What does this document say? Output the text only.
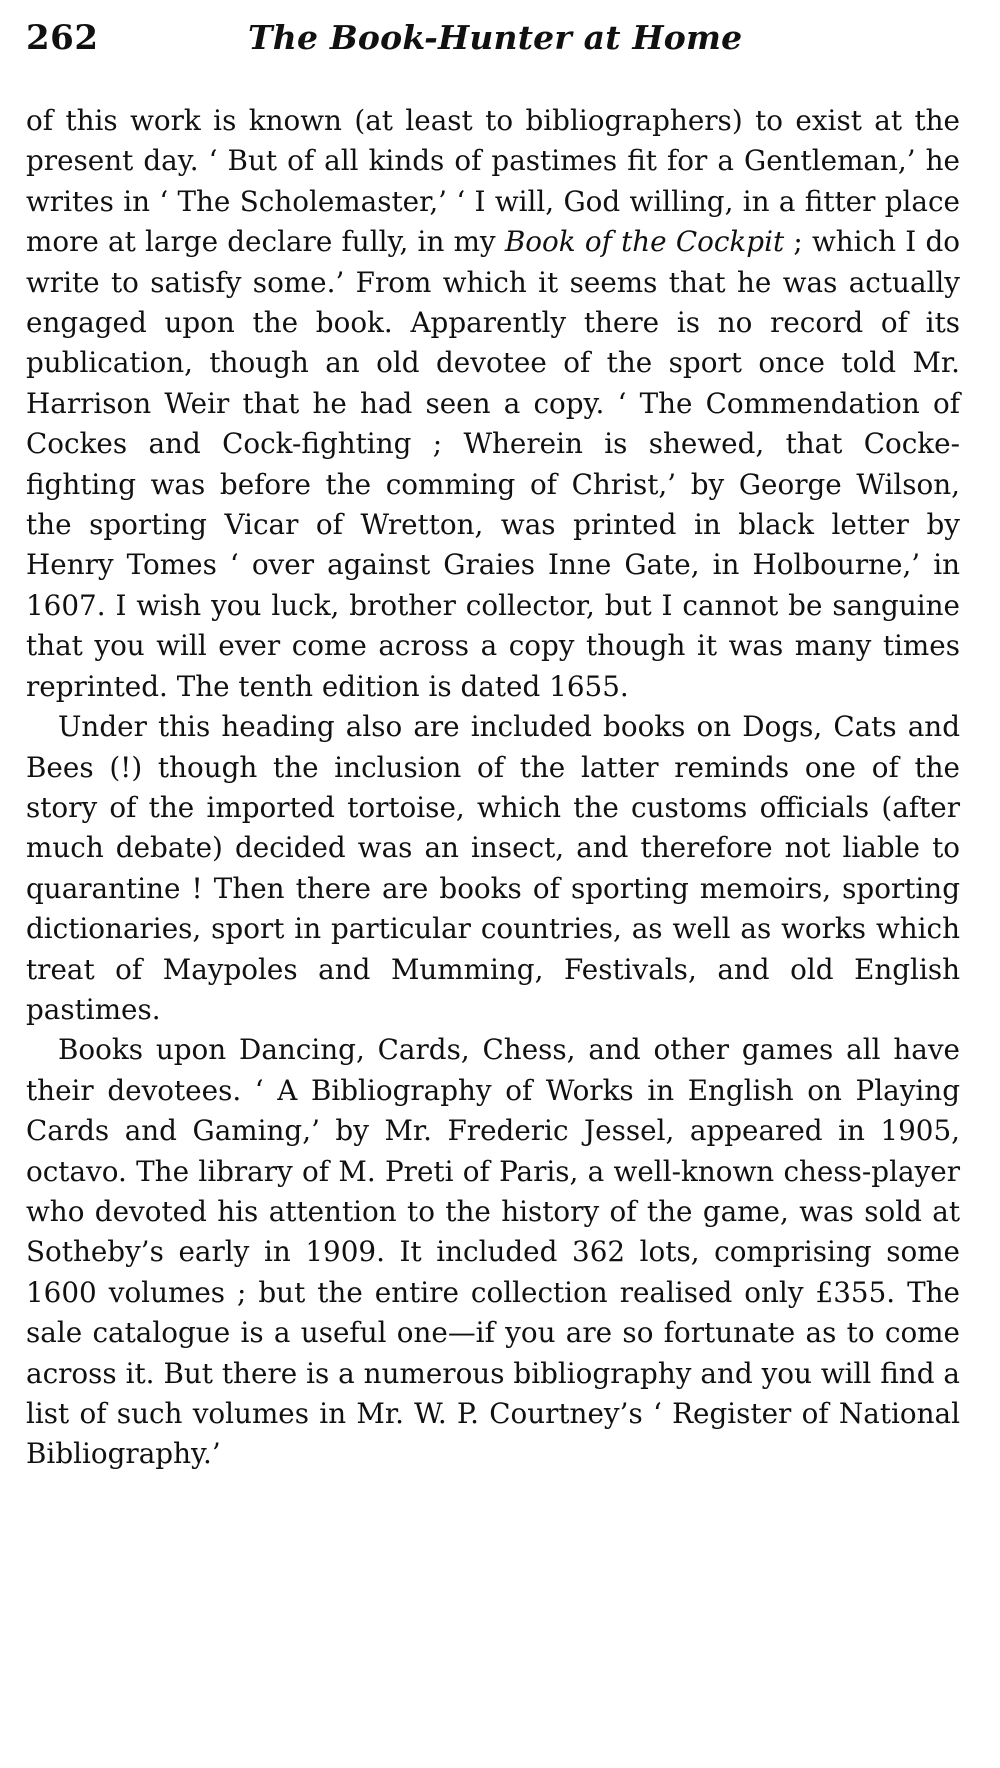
262	The Book-Hunter at Home

of this work is known (at least to bibliographers) to exist at the present day. ‘ But of all kinds of pastimes fit for a Gentleman,’ he writes in ‘ The Scholemaster,’ ‘ I will, God willing, in a fitter place more at large declare fully, in my Book of the Cockpit ; which I do write to satisfy some.’ From which it seems that he was actually engaged upon the book. Apparently there is no record of its publication, though an old devotee of the sport once told Mr. Harrison Weir that he had seen a copy. ‘ The Commendation of Cockes and Cock-fighting ; Wherein is shewed, that Cocke-fighting was before the comming of Christ,’ by George Wilson, the sporting Vicar of Wretton, was printed in black letter by Henry Tomes ‘ over against Graies Inne Gate, in Holbourne,’ in 1607. I wish you luck, brother collector, but I cannot be sanguine that you will ever come across a copy though it was many times reprinted. The tenth edition is dated 1655.

Under this heading also are included books on Dogs, Cats and Bees (!) though the inclusion of the latter reminds one of the story of the imported tortoise, which the customs officials (after much debate) decided was an insect, and therefore not liable to quarantine ! Then there are books of sporting memoirs, sporting dictionaries, sport in particular countries, as well as works which treat of Maypoles and Mumming, Festivals, and old English pastimes.

Books upon Dancing, Cards, Chess, and other games all have their devotees. ‘ A Bibliography of Works in English on Playing Cards and Gaming,’ by Mr. Frederic Jessel, appeared in 1905, octavo. The library of M. Preti of Paris, a well-known chess-player who devoted his attention to the history of the game, was sold at Sotheby’s early in 1909. It included 362 lots, comprising some 1600 volumes ; but the entire collection realised only £355. The sale catalogue is a useful one—if you are so fortunate as to come across it. But there is a numerous bibliography and you will find a list of such volumes in Mr. W. P. Courtney’s ‘ Register of National Bibliography.’
